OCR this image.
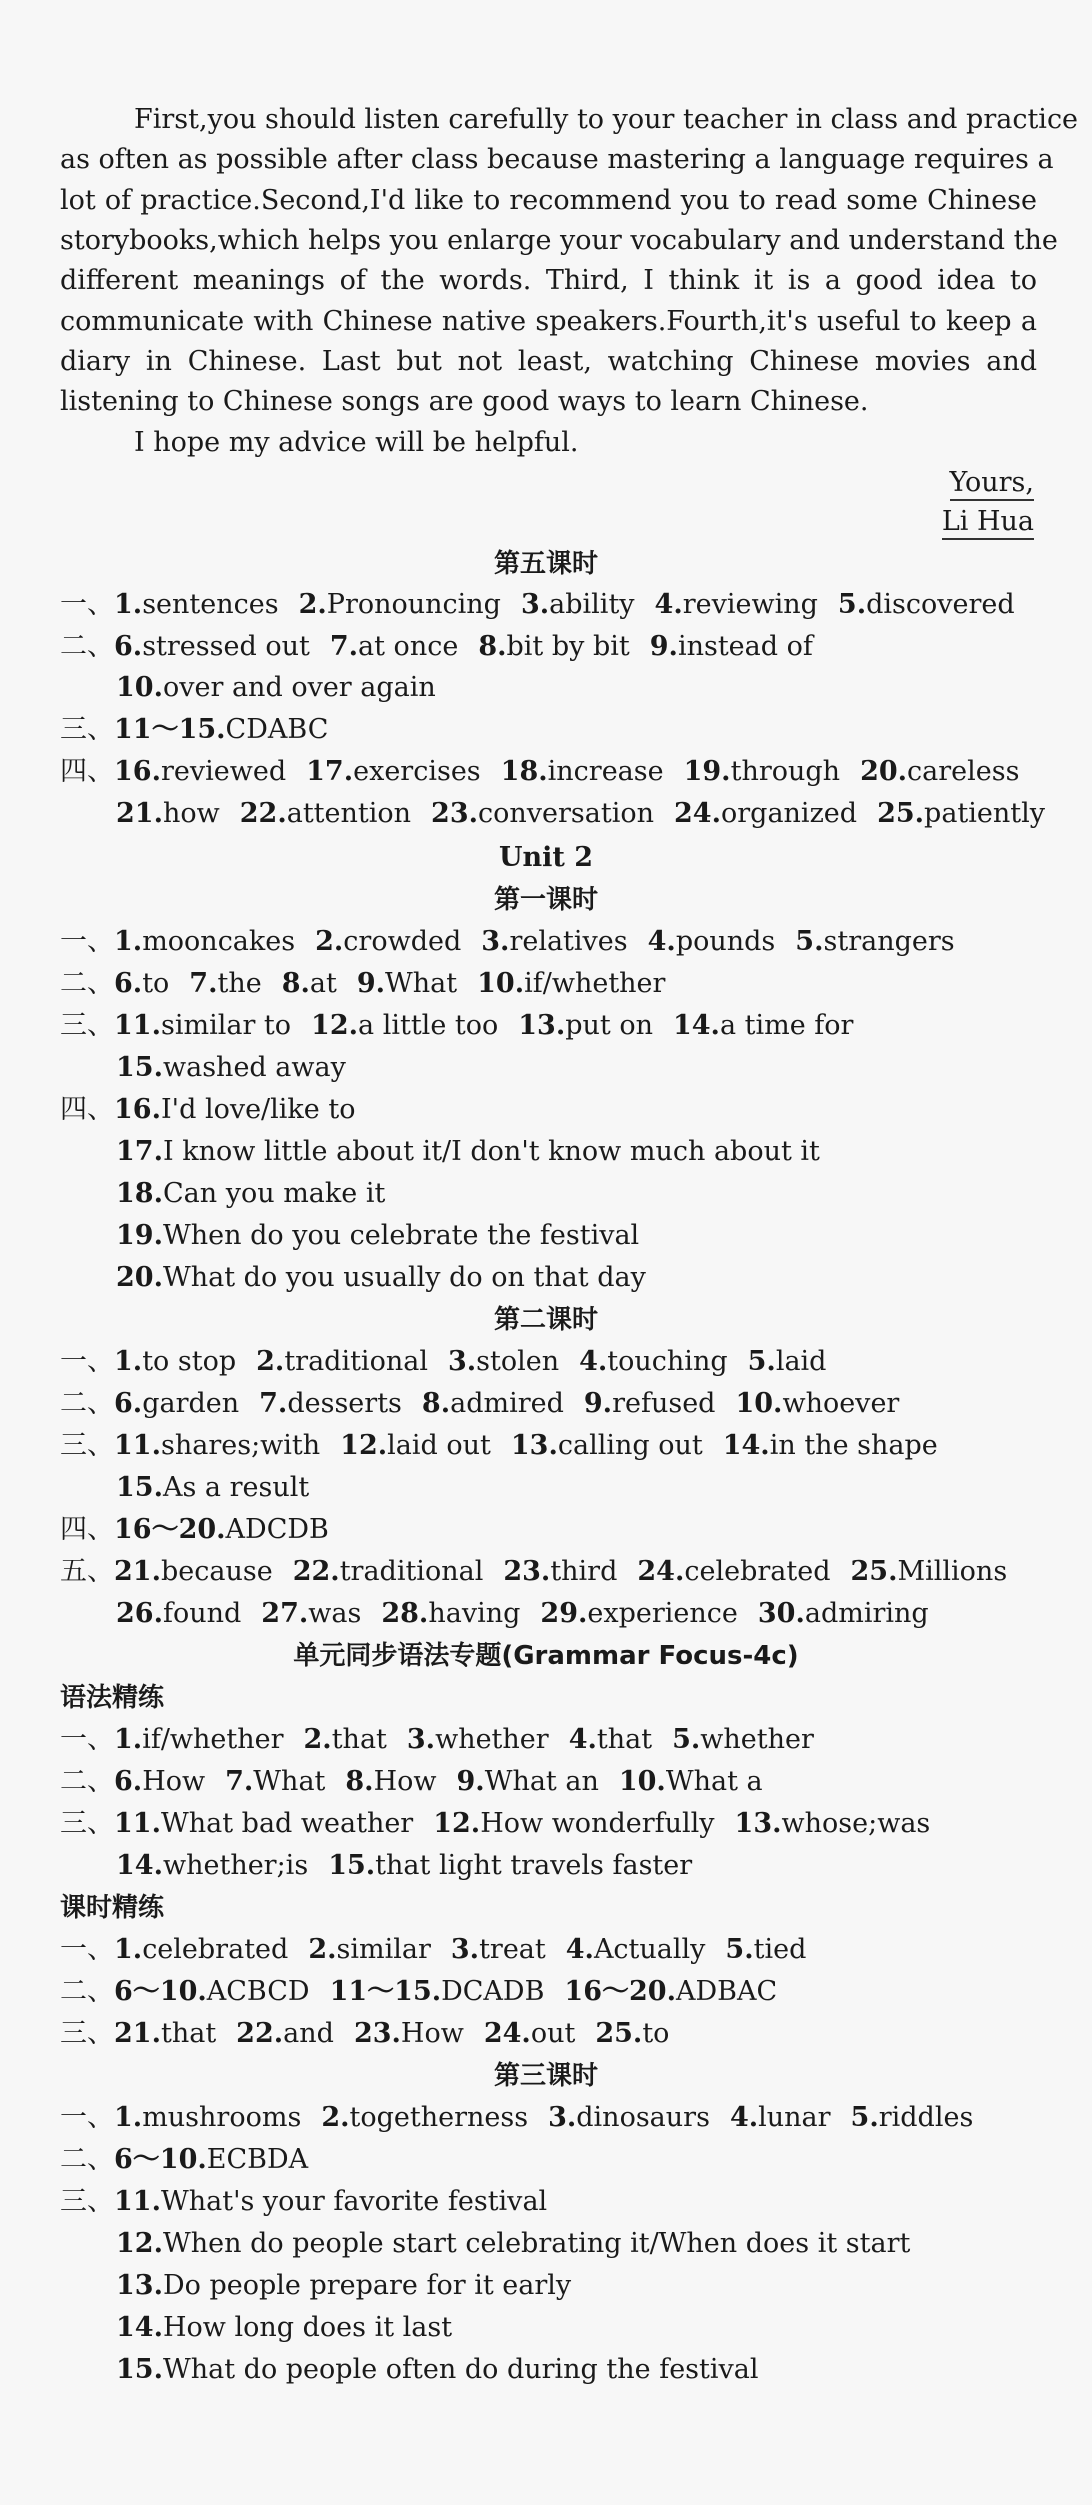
First,you should listen carefully to your teacher in class and practice
as often as possible after class because mastering a language requires a
lot of practice.Second,I'd like to recommend you to read some Chinese
storybooks,which helps you enlarge your vocabulary and understand the
different meanings of the words. Third, I think it is a good idea to
communicate with Chinese native speakers.Fourth,it's useful to keep a
diary in Chinese. Last but not least, watching Chinese movies and
listening to Chinese songs are good ways to learn Chinese.
I hope my advice will be helpful.
Yours,
Li Hua
第五课时
一、1.sentences 2.Pronouncing 3.ability 4.reviewing 5.discovered
二、6.stressed out 7.at once 8.bit by bit 9.instead of
10.over and over again
三、11～15.CDABC
四、16.reviewed 17.exercises 18.increase 19.through 20.careless
21.how 22.attention 23.conversation 24.organized 25.patiently
Unit 2
第一课时
一、1.mooncakes 2.crowded 3.relatives 4.pounds 5.strangers
二、6.to 7.the 8.at 9.What 10.if/whether
三、11.similar to 12.a little too 13.put on 14.a time for
15.washed away
四、16.I'd love/like to
17.I know little about it/I don't know much about it
18.Can you make it
19.When do you celebrate the festival
20.What do you usually do on that day
第二课时
一、1.to stop 2.traditional 3.stolen 4.touching 5.laid
二、6.garden 7.desserts 8.admired 9.refused 10.whoever
三、11.shares;with 12.laid out 13.calling out 14.in the shape
15.As a result
四、16～20.ADCDB
五、21.because 22.traditional 23.third 24.celebrated 25.Millions
26.found 27.was 28.having 29.experience 30.admiring
单元同步语法专题(Grammar Focus-4c)
语法精练
一、1.if/whether 2.that 3.whether 4.that 5.whether
二、6.How 7.What 8.How 9.What an 10.What a
三、11.What bad weather 12.How wonderfully 13.whose;was
14.whether;is 15.that light travels faster
课时精练
一、1.celebrated 2.similar 3.treat 4.Actually 5.tied
二、6～10.ACBCD 11～15.DCADB 16～20.ADBAC
三、21.that 22.and 23.How 24.out 25.to
第三课时
一、1.mushrooms 2.togetherness 3.dinosaurs 4.lunar 5.riddles
二、6～10.ECBDA
三、11.What's your favorite festival
12.When do people start celebrating it/When does it start
13.Do people prepare for it early
14.How long does it last
15.What do people often do during the festival
